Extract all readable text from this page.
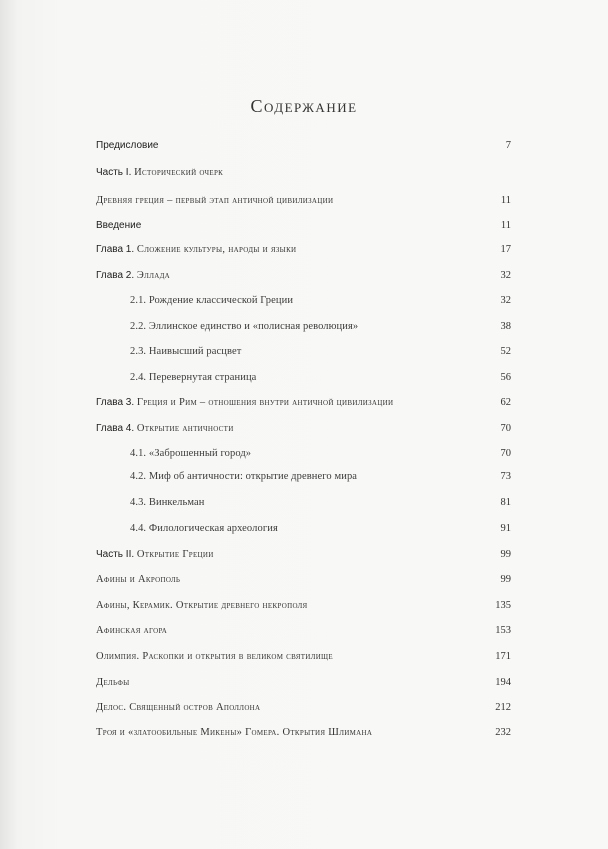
Содержание
Предисловие	7
Часть I. Исторический очерк
Древняя греция – первый этап античной цивилизации	11
Введение	11
Глава 1. Сложение культуры, народы и языки	17
Глава 2. Эллада	32
2.1. Рождение классической Греции	32
2.2. Эллинское единство и «полисная революция»	38
2.3. Наивысший расцвет	52
2.4. Перевернутая страница	56
Глава 3. Греция и Рим – отношения внутри античной цивилизации	62
Глава 4. Открытие античности	70
4.1. «Заброшенный город»	70
4.2. Миф об античности: открытие древнего мира	73
4.3. Винкельман	81
4.4. Филологическая археология	91
Часть II. Открытие Греции	99
Афины и Акрополь	99
Афины, Керамик. Открытие древнего некрополя	135
Афинская агора	153
Олимпия. Раскопки и открытия в великом святилище	171
Дельфы	194
Делос. Священный остров Аполлона	212
Троя и «златообильные Микены» Гомера. Открытия Шлимана	232
